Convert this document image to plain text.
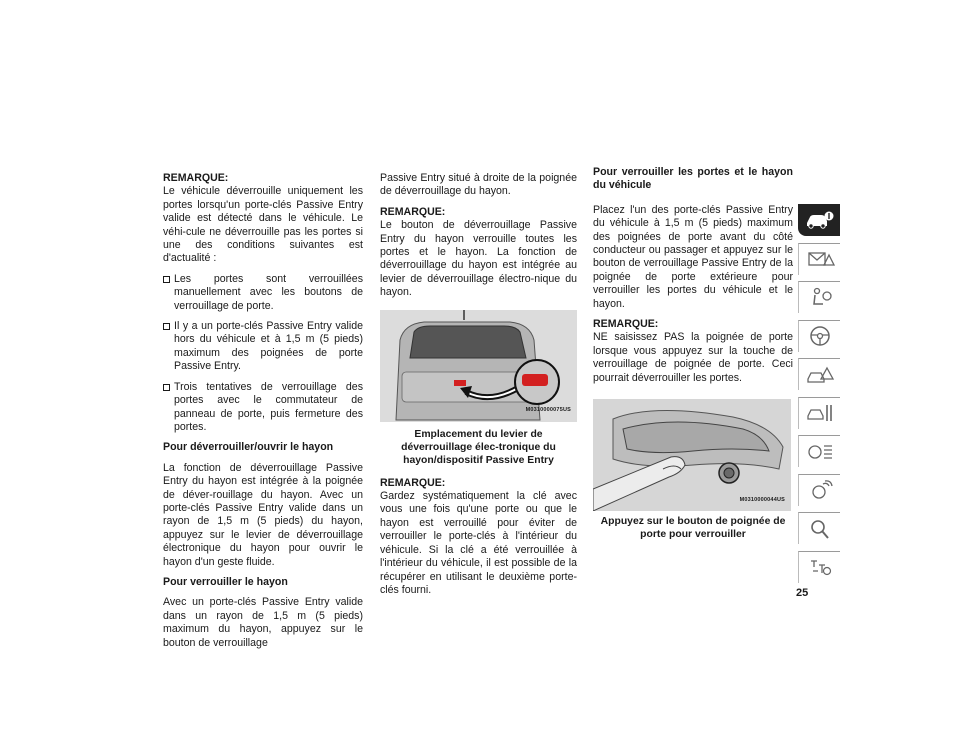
REMARQUE:
Le véhicule déverrouille uniquement les portes lorsqu'un porte-clés Passive Entry valide est détecté dans le véhicule. Le véhi-cule ne déverrouille pas les portes si une des conditions suivantes est d'actualité :

Les portes sont verrouillées manuellement avec les boutons de verrouillage de porte.
Il y a un porte-clés Passive Entry valide hors du véhicule et à 1,5 m (5 pieds) maximum des poignées de porte Passive Entry.
Trois tentatives de verrouillage des portes avec le commutateur de panneau de porte, puis fermeture des portes.

Pour déverrouiller/ouvrir le hayon

La fonction de déverrouillage Passive Entry du hayon est intégrée à la poignée de déver-rouillage du hayon. Avec un porte-clés Passive Entry valide dans un rayon de 1,5 m (5 pieds) du hayon, appuyez sur le levier de déverrouillage électronique du hayon pour ouvrir le hayon d'un geste fluide.

Pour verrouiller le hayon

Avec un porte-clés Passive Entry valide dans un rayon de 1,5 m (5 pieds) maximum du hayon, appuyez sur le bouton de verrouillage

Passive Entry situé à droite de la poignée de déverrouillage du hayon.

REMARQUE:
Le bouton de déverrouillage Passive Entry du hayon verrouille toutes les portes et le hayon. La fonction de déverrouillage du hayon est intégrée au levier de déverrouillage électro-nique du hayon.

M0310000075US

Emplacement du levier de déverrouillage élec-tronique du hayon/dispositif Passive Entry

REMARQUE:
Gardez systématiquement la clé avec vous une fois qu'une porte ou que le hayon est verrouillé pour éviter de verrouiller le porte-clés à l'intérieur du véhicule. Si la clé a été verrouillée à l'intérieur du véhicule, il est possible de la récupérer en utilisant le deuxième porte-clés fourni.

Pour verrouiller les portes et le hayon du véhicule

Placez l'un des porte-clés Passive Entry du véhicule à 1,5 m (5 pieds) maximum des poignées de porte avant du côté conducteur ou passager et appuyez sur le bouton de verrouillage Passive Entry de la poignée de porte extérieure pour verrouiller les portes du véhicule et le hayon.

REMARQUE:
NE saisissez PAS la poignée de porte lorsque vous appuyez sur la touche de verrouillage de poignée de porte. Ceci pourrait déverrouiller les portes.

M0310000044US

Appuyez sur le bouton de poignée de porte pour verrouiller

25
